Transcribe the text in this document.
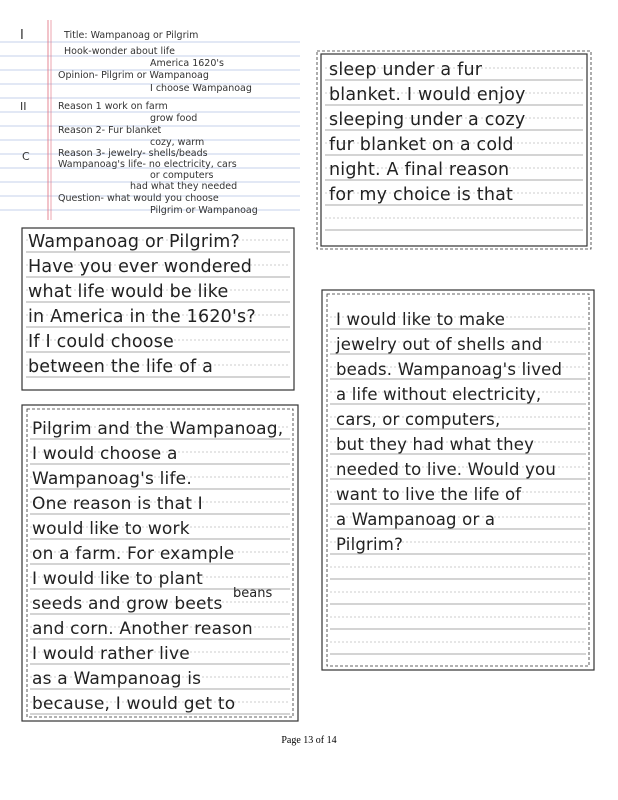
I
II
C
Title: Wampanoag or Pilgrim
Hook-wonder about life
America 1620's
Opinion- Pilgrim or Wampanoag
I choose Wampanoag
Reason 1 work on farm
grow food
Reason 2- Fur blanket
cozy, warm
Reason 3- jewelry- shells/beads
Wampanoag's life- no electricity, cars
or computers
had what they needed
Question- what would you choose
Pilgrim or Wampanoag
sleep under a fur
blanket. I would enjoy
sleeping under a cozy
fur blanket on a cold
night. A final reason
for my choice is that
Wampanoag or Pilgrim?
Have you ever wondered
what life would be like
in America in the 1620's?
If I could choose
between the life of a
Pilgrim and the Wampanoag,
I would choose a
Wampanoag's life.
One reason is that I
would like to work
on a farm. For example
I would like to plant
seeds and grow beets
and corn. Another reason
I would rather live
as a Wampanoag is
because, I would get to
beans
I would like to make
jewelry out of shells and
beads. Wampanoag's lived
a life without electricity,
cars, or computers,
but they had what they
needed to live. Would you
want to live the life of
a Wampanoag or a
Pilgrim?
Page 13 of 14
